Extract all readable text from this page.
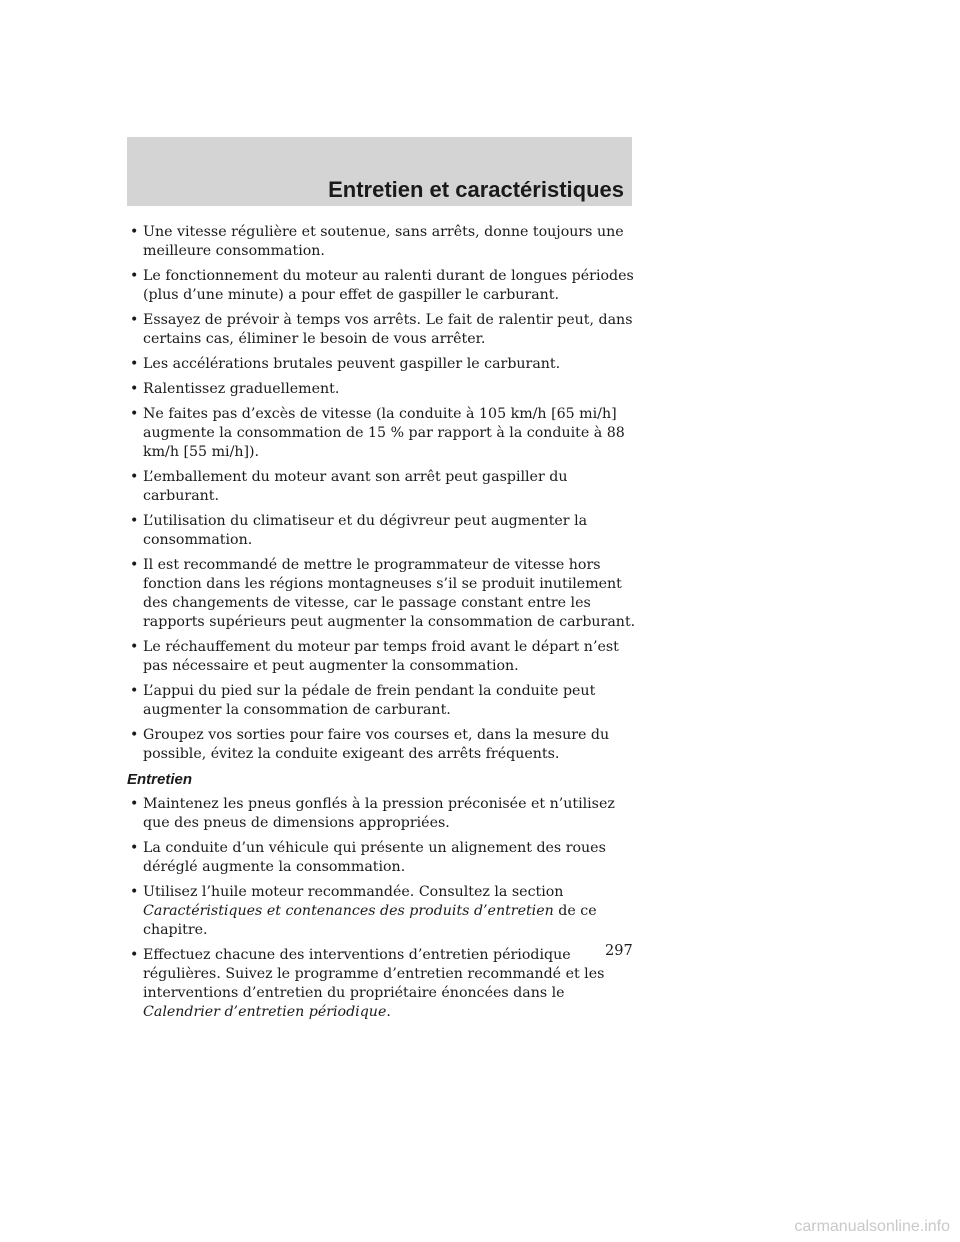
Entretien et caractéristiques
• Une vitesse régulière et soutenue, sans arrêts, donne toujours une meilleure consommation.

• Le fonctionnement du moteur au ralenti durant de longues périodes (plus d’une minute) a pour effet de gaspiller le carburant.

• Essayez de prévoir à temps vos arrêts. Le fait de ralentir peut, dans certains cas, éliminer le besoin de vous arrêter.

• Les accélérations brutales peuvent gaspiller le carburant.

• Ralentissez graduellement.

• Ne faites pas d’excès de vitesse (la conduite à 105 km/h [65 mi/h] augmente la consommation de 15 % par rapport à la conduite à 88 km/h [55 mi/h]).

• L’emballement du moteur avant son arrêt peut gaspiller du carburant.

• L’utilisation du climatiseur et du dégivreur peut augmenter la consommation.

• Il est recommandé de mettre le programmateur de vitesse hors fonction dans les régions montagneuses s’il se produit inutilement des changements de vitesse, car le passage constant entre les rapports supérieurs peut augmenter la consommation de carburant.

• Le réchauffement du moteur par temps froid avant le départ n’est pas nécessaire et peut augmenter la consommation.

• L’appui du pied sur la pédale de frein pendant la conduite peut augmenter la consommation de carburant.

• Groupez vos sorties pour faire vos courses et, dans la mesure du possible, évitez la conduite exigeant des arrêts fréquents.

Entretien
• Maintenez les pneus gonflés à la pression préconisée et n’utilisez que des pneus de dimensions appropriées.

• La conduite d’un véhicule qui présente un alignement des roues déréglé augmente la consommation.

• Utilisez l’huile moteur recommandée. Consultez la section Caractéristiques et contenances des produits d’entretien de ce chapitre.

• Effectuez chacune des interventions d’entretien périodique régulières. Suivez le programme d’entretien recommandé et les interventions d’entretien du propriétaire énoncées dans le Calendrier d’entretien périodique.

297
carmanualsonline.info
